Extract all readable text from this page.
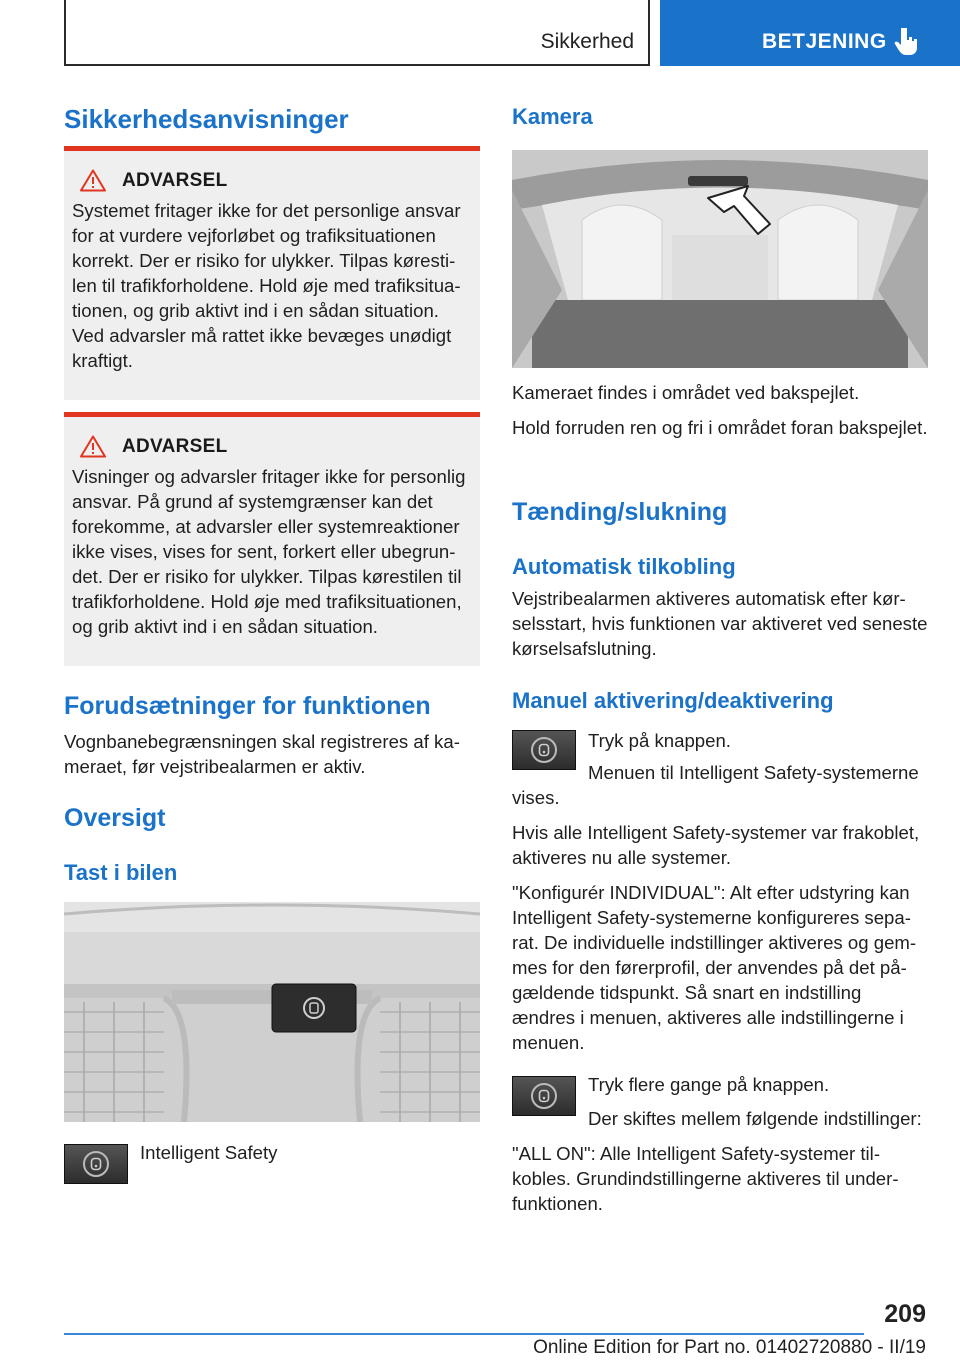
Sikkerhed	BETJENING
Sikkerhedsanvisninger
ADVARSEL

Systemet fritager ikke for det personlige ansvar for at vurdere vejforløbet og trafiksituationen korrekt. Der er risiko for ulykker. Tilpas kørestilen til trafikforholdene. Hold øje med trafiksituationen, og grib aktivt ind i en sådan situation. Ved advarsler må rattet ikke bevæges unødigt kraftigt.

ADVARSEL

Visninger og advarsler fritager ikke for personlig ansvar. På grund af systemgrænser kan det forekomme, at advarsler eller systemreaktioner ikke vises, vises for sent, forkert eller ubegrundet. Der er risiko for ulykker. Tilpas kørestilen til trafikforholdene. Hold øje med trafiksituationen, og grib aktivt ind i en sådan situation.

Forudsætninger for funktionen

Vognbanebegrænsningen skal registreres af kameraet, før vejstribealarmen er aktiv.

Oversigt
Tast i bilen

Intelligent Safety

Kamera

Kameraet findes i området ved bakspejlet.

Hold forruden ren og fri i området foran bakspejlet.

Tænding/slukning
Automatisk tilkobling

Vejstribealarmen aktiveres automatisk efter kørselsstart, hvis funktionen var aktiveret ved seneste kørselsafslutning.

Manuel aktivering/deaktivering

Tryk på knappen.

Menuen til Intelligent Safety-systemerne vises.

Hvis alle Intelligent Safety-systemer var frakoblet, aktiveres nu alle systemer.

"Konfigurér INDIVIDUAL": Alt efter udstyring kan Intelligent Safety-systemerne konfigureres separat. De individuelle indstillinger aktiveres og gemmes for den førerprofil, der anvendes på det pågældende tidspunkt. Så snart en indstilling ændres i menuen, aktiveres alle indstillingerne i menuen.

Tryk flere gange på knappen.

Der skiftes mellem følgende indstillinger:

"ALL ON": Alle Intelligent Safety-systemer tilkobles. Grundindstillingerne aktiveres til underfunktionen.

209
Online Edition for Part no. 01402720880 - II/19
